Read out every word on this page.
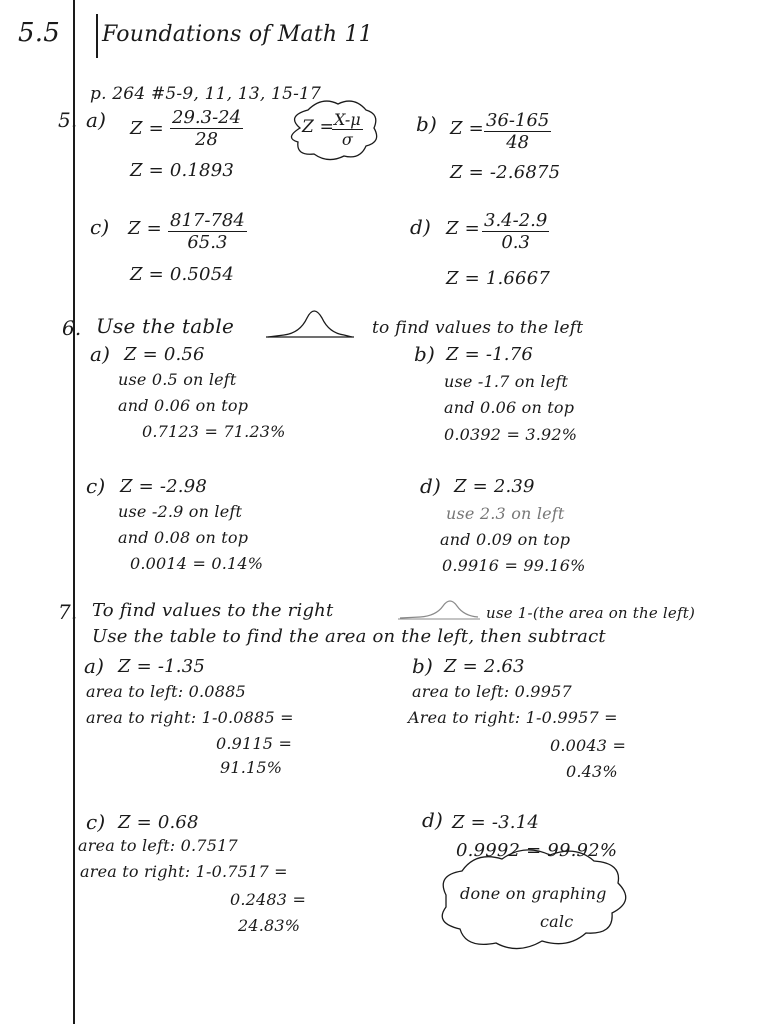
5.5 Foundations of Math 11
p. 264 #5-9, 11, 13, 15-17
5. a) $Z = \frac{29.3-24}{28}$	Z =
$\frac{X-\mu}{\sigma}$
Z = 0.1893
b) $Z = \frac{36-165}{48}$
Z = -2.6875
c) $Z = \frac{817-784}{65.3}$
Z = 0.5054
d) $Z = \frac{3.4-2.9}{0.3}$
Z = 1.6667
6. Use the table	to find values to the left
a) Z = 0.56
use 0.5 on left
and 0.06 on top
0.7123 = 71.23%
b) Z = -1.76
use -1.7 on left
and 0.06 on top
0.0392 = 3.92%
c) Z = -2.98
use -2.9 on left
and 0.08 on top
0.0014 = 0.14%
d) Z = 2.39
use 2.3 on left
and 0.09 on top
0.9916 = 99.16%
7. To find values to the right	use 1-(the area on the left)
Use the table to find the area on the left, then subtract
a) Z = -1.35
area to left: 0.0885
area to right: 1-0.0885 =
0.9115 =
91.15%
b) Z = 2.63
area to left: 0.9957
Area to right: 1-0.9957 =
0.0043 =
0.43%
c) Z = 0.68
area to left: 0.7517
area to right: 1-0.7517 =
0.2483 =
24.83%
d) Z = -3.14
0.9992 = 99.92%
done on graphing
calc
